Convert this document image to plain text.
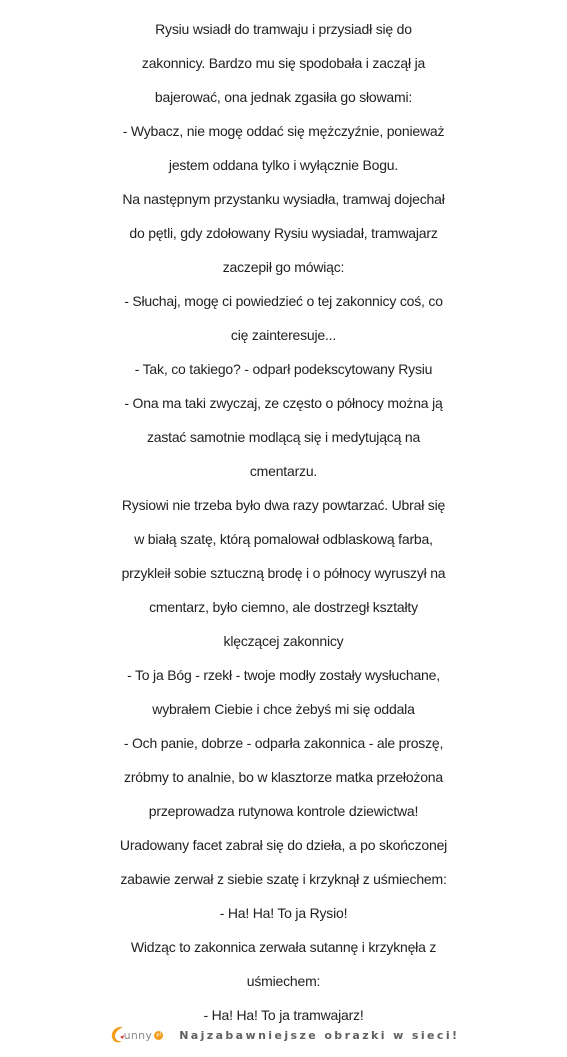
Rysiu wsiadł do tramwaju i przysiadł się do
zakonnicy. Bardzo mu się spodobała i zaczął ja
bajerować, ona jednak zgasiła go słowami:
- Wybacz, nie mogę oddać się mężczyźnie, ponieważ
jestem oddana tylko i wyłącznie Bogu.
Na następnym przystanku wysiadła, tramwaj dojechał
do pętli, gdy zdołowany Rysiu wysiadał, tramwajarz
zaczepił go mówiąc:
- Słuchaj, mogę ci powiedzieć o tej zakonnicy coś, co
cię zainteresuje...
- Tak, co takiego? - odparł podekscytowany Rysiu
- Ona ma taki zwyczaj, ze często o północy można ją
zastać samotnie modlącą się i medytującą na
cmentarzu.
Rysiowi nie trzeba było dwa razy powtarzać. Ubrał się
w białą szatę, którą pomalował odblaskową farba,
przykleił sobie sztuczną brodę i o północy wyruszył na
cmentarz, było ciemno, ale dostrzegł kształty
klęczącej zakonnicy
- To ja Bóg - rzekł - twoje modły zostały wysłuchane,
wybrałem Ciebie i chce żebyś mi się oddala
- Och panie, dobrze - odparła zakonnica - ale proszę,
zróbmy to analnie, bo w klasztorze matka przełożona
przeprowadza rutynowa kontrole dziewictwa!
Uradowany facet zabrał się do dzieła, a po skończonej
zabawie zerwał z siebie szatę i krzyknął z uśmiechem:
- Ha! Ha! To ja Rysio!
Widząc to zakonnica zerwała sutannę i krzyknęła z
uśmiechem:
- Ha! Ha! To ja tramwajarz!
unny pl Najzabawniejsze obrazki w sieci!
